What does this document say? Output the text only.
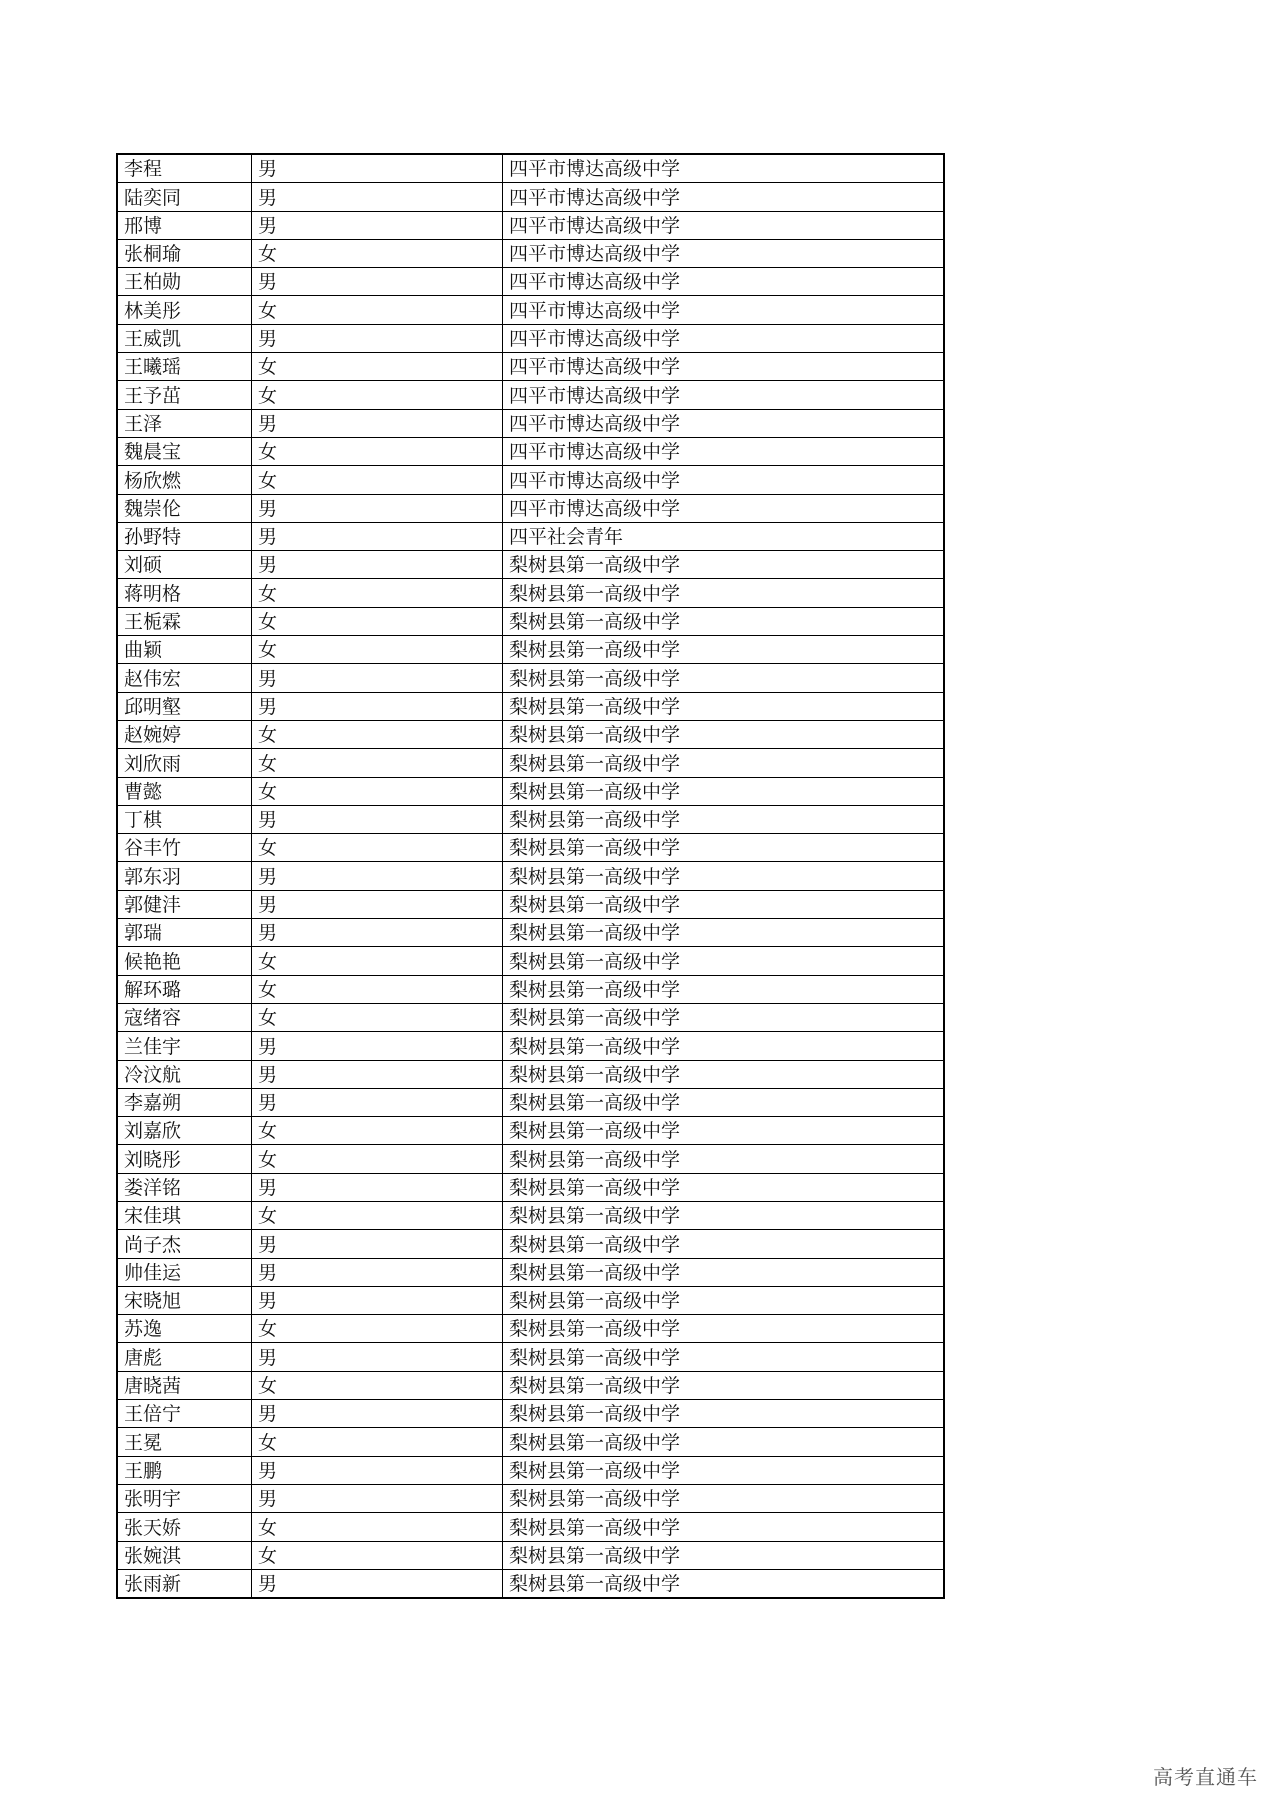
李程	男	四平市博达高级中学
陆奕同	男	四平市博达高级中学
邢博	男	四平市博达高级中学
张桐瑜	女	四平市博达高级中学
王柏勋	男	四平市博达高级中学
林美彤	女	四平市博达高级中学
王威凯	男	四平市博达高级中学
王曦瑶	女	四平市博达高级中学
王予茁	女	四平市博达高级中学
王泽	男	四平市博达高级中学
魏晨宝	女	四平市博达高级中学
杨欣燃	女	四平市博达高级中学
魏崇伦	男	四平市博达高级中学
孙野特	男	四平社会青年
刘硕	男	梨树县第一高级中学
蒋明格	女	梨树县第一高级中学
王栀霖	女	梨树县第一高级中学
曲颖	女	梨树县第一高级中学
赵伟宏	男	梨树县第一高级中学
邱明壑	男	梨树县第一高级中学
赵婉婷	女	梨树县第一高级中学
刘欣雨	女	梨树县第一高级中学
曹懿	女	梨树县第一高级中学
丁棋	男	梨树县第一高级中学
谷丰竹	女	梨树县第一高级中学
郭东羽	男	梨树县第一高级中学
郭健沣	男	梨树县第一高级中学
郭瑞	男	梨树县第一高级中学
候艳艳	女	梨树县第一高级中学
解环璐	女	梨树县第一高级中学
寇绪容	女	梨树县第一高级中学
兰佳宇	男	梨树县第一高级中学
冷汶航	男	梨树县第一高级中学
李嘉朔	男	梨树县第一高级中学
刘嘉欣	女	梨树县第一高级中学
刘晓彤	女	梨树县第一高级中学
娄洋铭	男	梨树县第一高级中学
宋佳琪	女	梨树县第一高级中学
尚子杰	男	梨树县第一高级中学
帅佳运	男	梨树县第一高级中学
宋晓旭	男	梨树县第一高级中学
苏逸	女	梨树县第一高级中学
唐彪	男	梨树县第一高级中学
唐晓茜	女	梨树县第一高级中学
王倍宁	男	梨树县第一高级中学
王冕	女	梨树县第一高级中学
王鹏	男	梨树县第一高级中学
张明宇	男	梨树县第一高级中学
张天娇	女	梨树县第一高级中学
张婉淇	女	梨树县第一高级中学
张雨新	男	梨树县第一高级中学
高考直通车
